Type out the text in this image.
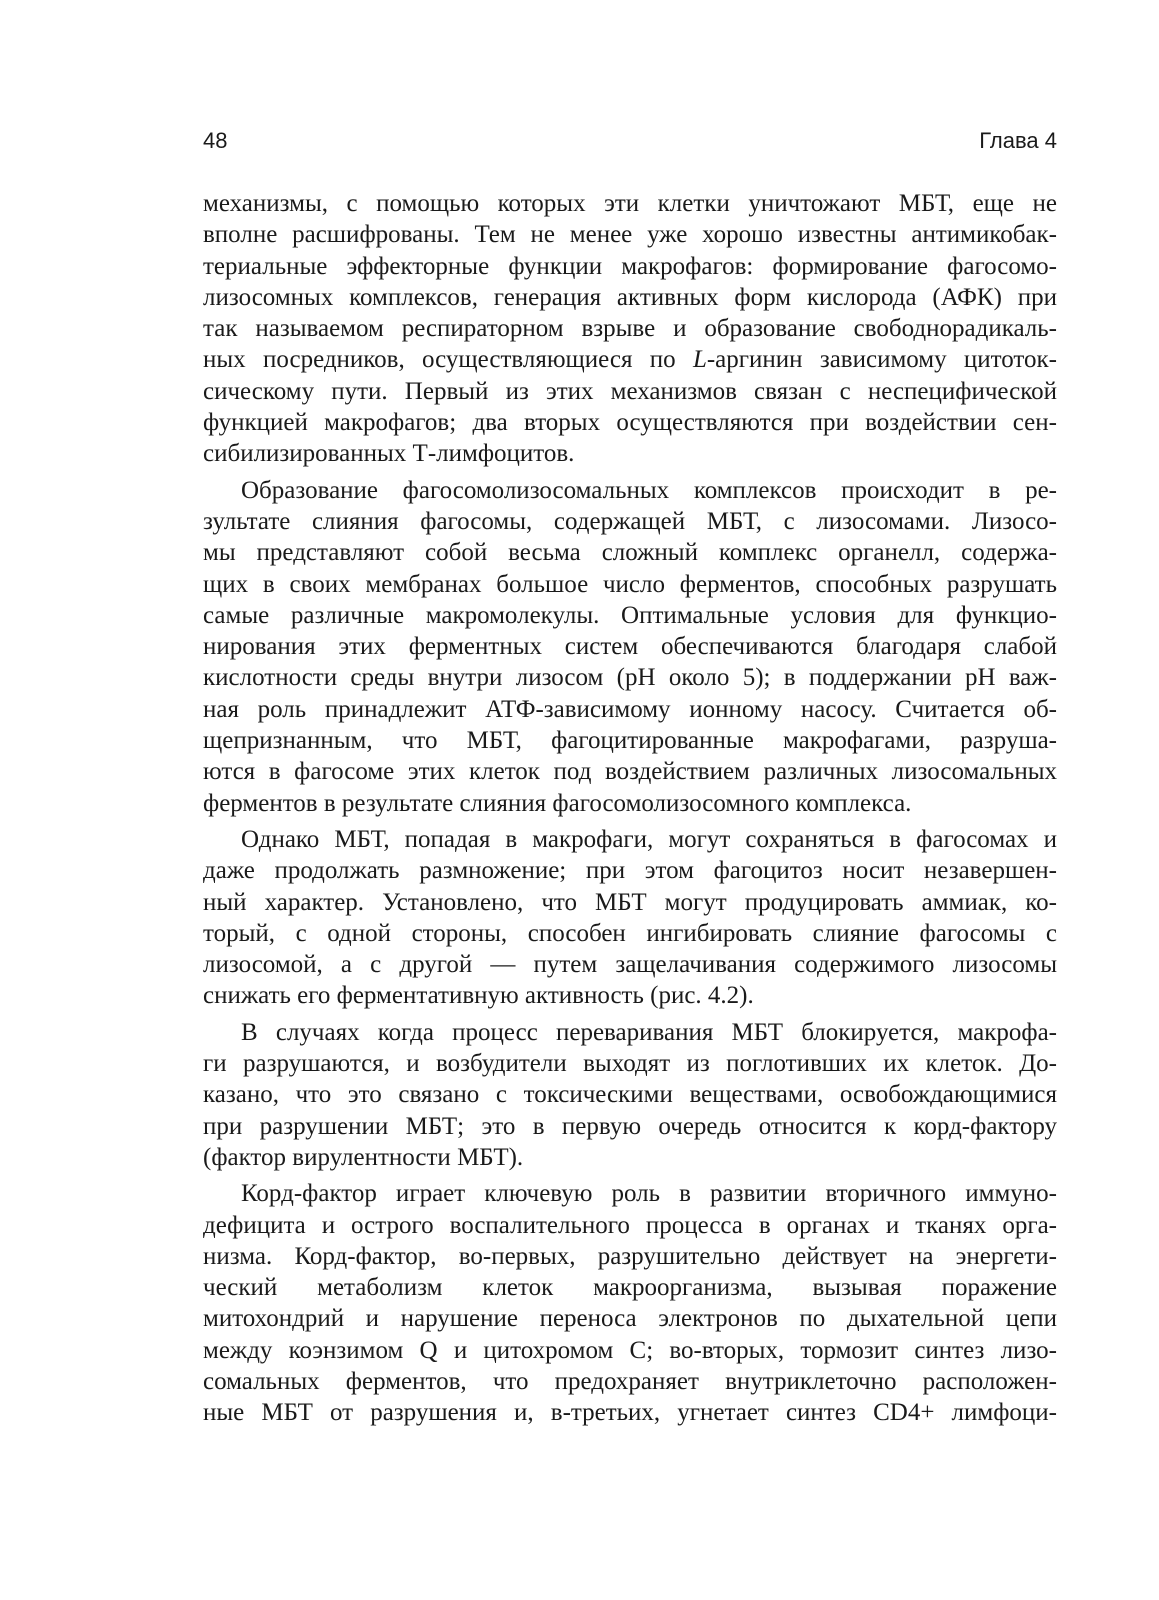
48	Глава 4

механизмы, с помощью которых эти клетки уничтожают МБТ, еще не
вполне расшифрованы. Тем не менее уже хорошо известны антимикобак-
териальные эффекторные функции макрофагов: формирование фагосомо-
лизосомных комплексов, генерация активных форм кислорода (АФК) при
так называемом респираторном взрыве и образование свободнорадикаль-
ных посредников, осуществляющиеся по L-аргинин зависимому цитоток-
сическому пути. Первый из этих механизмов связан с неспецифической
функцией макрофагов; два вторых осуществляются при воздействии сен-
сибилизированных Т-лимфоцитов.

Образование фагосомолизосомальных комплексов происходит в ре-
зультате слияния фагосомы, содержащей МБТ, с лизосомами. Лизосо-
мы представляют собой весьма сложный комплекс органелл, содержа-
щих в своих мембранах большое число ферментов, способных разрушать
самые различные макромолекулы. Оптимальные условия для функцио-
нирования этих ферментных систем обеспечиваются благодаря слабой
кислотности среды внутри лизосом (рН около 5); в поддержании рН важ-
ная роль принадлежит АТФ-зависимому ионному насосу. Считается об-
щепризнанным, что МБТ, фагоцитированные макрофагами, разруша-
ются в фагосоме этих клеток под воздействием различных лизосомальных
ферментов в результате слияния фагосомолизосомного комплекса.

Однако МБТ, попадая в макрофаги, могут сохраняться в фагосомах и
даже продолжать размножение; при этом фагоцитоз носит незавершен-
ный характер. Установлено, что МБТ могут продуцировать аммиак, ко-
торый, с одной стороны, способен ингибировать слияние фагосомы с
лизосомой, а с другой — путем защелачивания содержимого лизосомы
снижать его ферментативную активность (рис. 4.2).

В случаях когда процесс переваривания МБТ блокируется, макрофа-
ги разрушаются, и возбудители выходят из поглотивших их клеток. До-
казано, что это связано с токсическими веществами, освобождающимися
при разрушении МБТ; это в первую очередь относится к корд-фактору
(фактор вирулентности МБТ).

Корд-фактор играет ключевую роль в развитии вторичного иммуно-
дефицита и острого воспалительного процесса в органах и тканях орга-
низма. Корд-фактор, во-первых, разрушительно действует на энергети-
ческий метаболизм клеток макроорганизма, вызывая поражение
митохондрий и нарушение переноса электронов по дыхательной цепи
между коэнзимом Q и цитохромом С; во-вторых, тормозит синтез лизо-
сомальных ферментов, что предохраняет внутриклеточно расположен-
ные МБТ от разрушения и, в-третьих, угнетает синтез CD4+ лимфоци-
